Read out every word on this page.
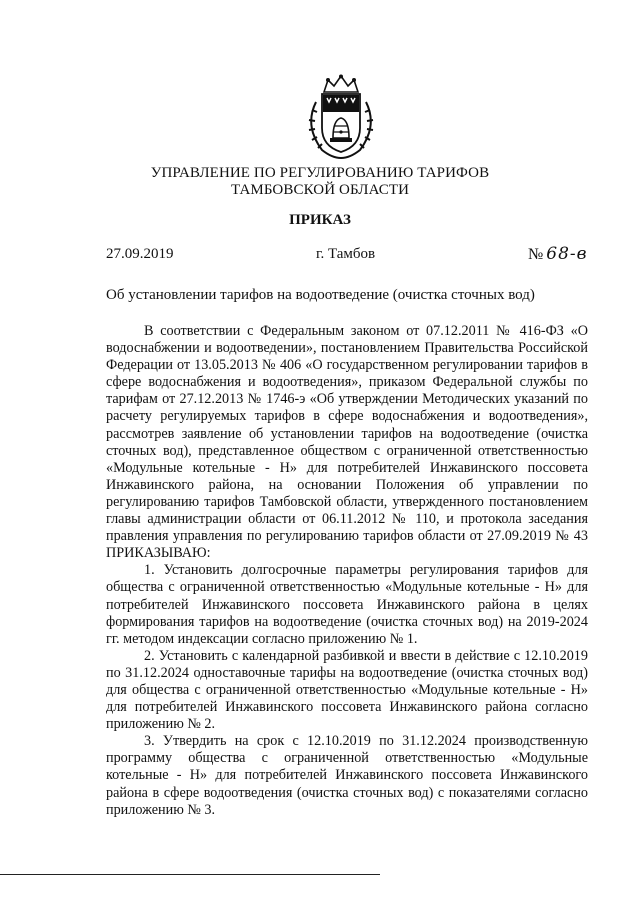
УПРАВЛЕНИЕ ПО РЕГУЛИРОВАНИЮ ТАРИФОВ
ТАМБОВСКОЙ ОБЛАСТИ
ПРИКАЗ
27.09.2019	г. Тамбов	№ 68-в
Об установлении тарифов на водоотведение (очистка сточных вод)

В соответствии с Федеральным законом от 07.12.2011 № 416-ФЗ «О водоснабжении и водоотведении», постановлением Правительства Российской Федерации от 13.05.2013 № 406 «О государственном регулировании тарифов в сфере водоснабжения и водоотведения», приказом Федеральной службы по тарифам от 27.12.2013 № 1746-э «Об утверждении Методических указаний по расчету регулируемых тарифов в сфере водоснабжения и водоотведения», рассмотрев заявление об установлении тарифов на водоотведение (очистка сточных вод), представленное обществом с ограниченной ответственностью «Модульные котельные - Н» для потребителей Инжавинского поссовета Инжавинского района, на основании Положения об управлении по регулированию тарифов Тамбовской области, утвержденного постановлением главы администрации области от 06.11.2012 № 110, и протокола заседания правления управления по регулированию тарифов области от 27.09.2019 № 43 ПРИКАЗЫВАЮ:

1. Установить долгосрочные параметры регулирования тарифов для общества с ограниченной ответственностью «Модульные котельные - Н» для потребителей Инжавинского поссовета Инжавинского района в целях формирования тарифов на водоотведение (очистка сточных вод) на 2019-2024 гг. методом индексации согласно приложению № 1.

2. Установить с календарной разбивкой и ввести в действие с 12.10.2019 по 31.12.2024 одноставочные тарифы на водоотведение (очистка сточных вод) для общества с ограниченной ответственностью «Модульные котельные - Н» для потребителей Инжавинского поссовета Инжавинского района согласно приложению № 2.

3. Утвердить на срок с 12.10.2019 по 31.12.2024 производственную программу общества с ограниченной ответственностью «Модульные котельные - Н» для потребителей Инжавинского поссовета Инжавинского района в сфере водоотведения (очистка сточных вод) с показателями согласно приложению № 3.
